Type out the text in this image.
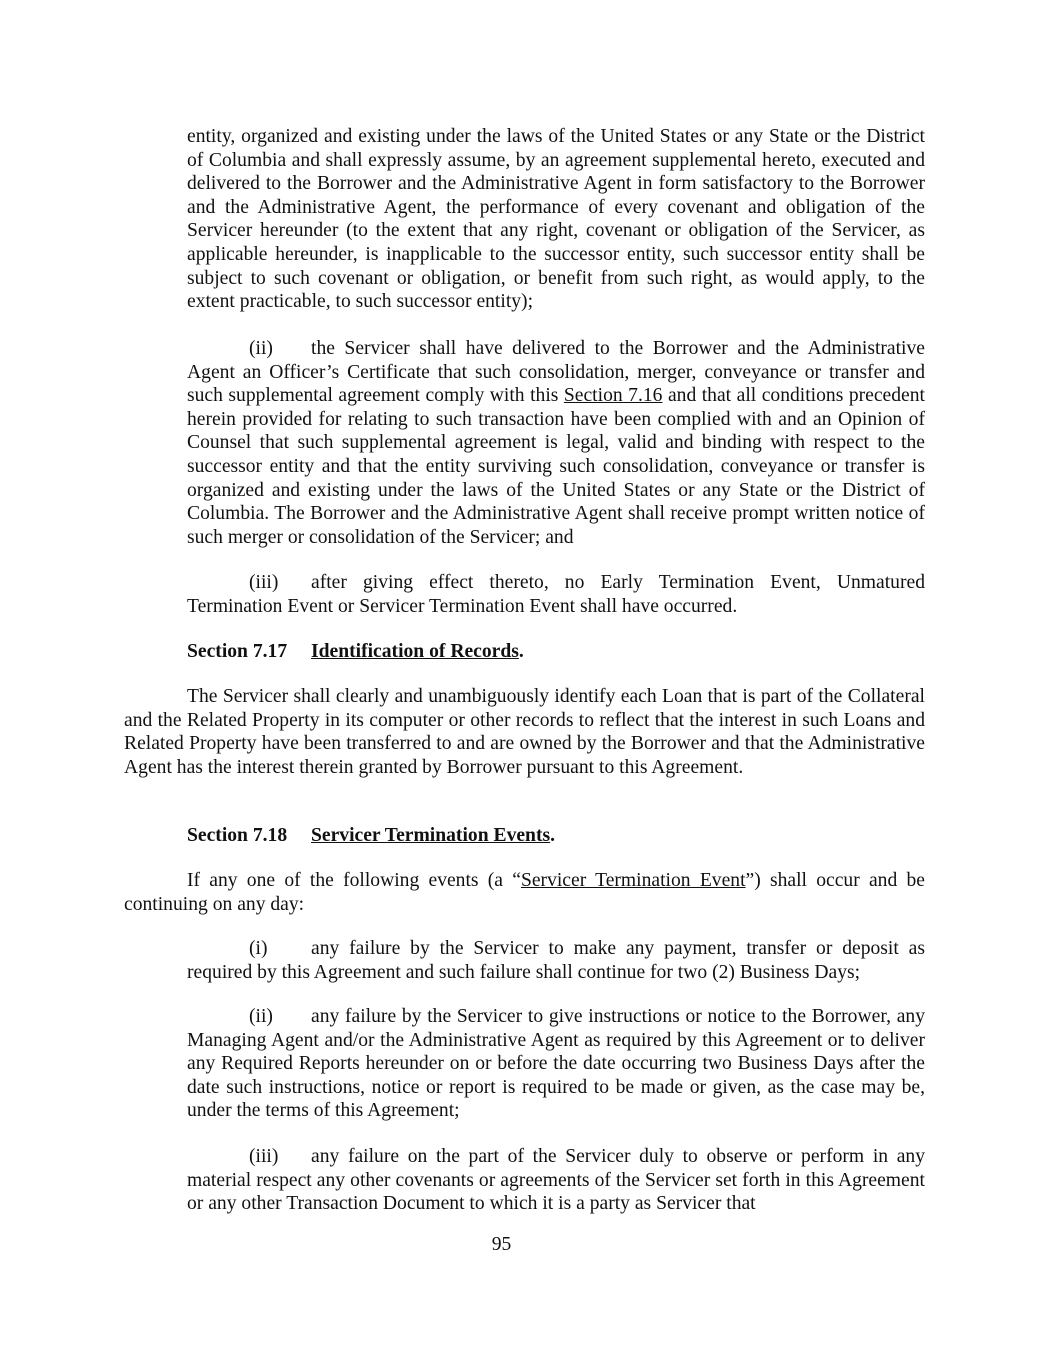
entity, organized and existing under the laws of the United States or any State or the District of Columbia and shall expressly assume, by an agreement supplemental hereto, executed and delivered to the Borrower and the Administrative Agent in form satisfactory to the Borrower and the Administrative Agent, the performance of every covenant and obligation of the Servicer hereunder (to the extent that any right, covenant or obligation of the Servicer, as applicable hereunder, is inapplicable to the successor entity, such successor entity shall be subject to such covenant or obligation, or benefit from such right, as would apply, to the extent practicable, to such successor entity);

(ii) the Servicer shall have delivered to the Borrower and the Administrative Agent an Officer’s Certificate that such consolidation, merger, conveyance or transfer and such supplemental agreement comply with this Section 7.16 and that all conditions precedent herein provided for relating to such transaction have been complied with and an Opinion of Counsel that such supplemental agreement is legal, valid and binding with respect to the successor entity and that the entity surviving such consolidation, conveyance or transfer is organized and existing under the laws of the United States or any State or the District of Columbia. The Borrower and the Administrative Agent shall receive prompt written notice of such merger or consolidation of the Servicer; and

(iii) after giving effect thereto, no Early Termination Event, Unmatured Termination Event or Servicer Termination Event shall have occurred.

Section 7.17 Identification of Records.

The Servicer shall clearly and unambiguously identify each Loan that is part of the Collateral and the Related Property in its computer or other records to reflect that the interest in such Loans and Related Property have been transferred to and are owned by the Borrower and that the Administrative Agent has the interest therein granted by Borrower pursuant to this Agreement.

Section 7.18 Servicer Termination Events.

If any one of the following events (a “Servicer Termination Event”) shall occur and be continuing on any day:

(i) any failure by the Servicer to make any payment, transfer or deposit as required by this Agreement and such failure shall continue for two (2) Business Days;

(ii) any failure by the Servicer to give instructions or notice to the Borrower, any Managing Agent and/or the Administrative Agent as required by this Agreement or to deliver any Required Reports hereunder on or before the date occurring two Business Days after the date such instructions, notice or report is required to be made or given, as the case may be, under the terms of this Agreement;

(iii) any failure on the part of the Servicer duly to observe or perform in any material respect any other covenants or agreements of the Servicer set forth in this Agreement or any other Transaction Document to which it is a party as Servicer that

95
